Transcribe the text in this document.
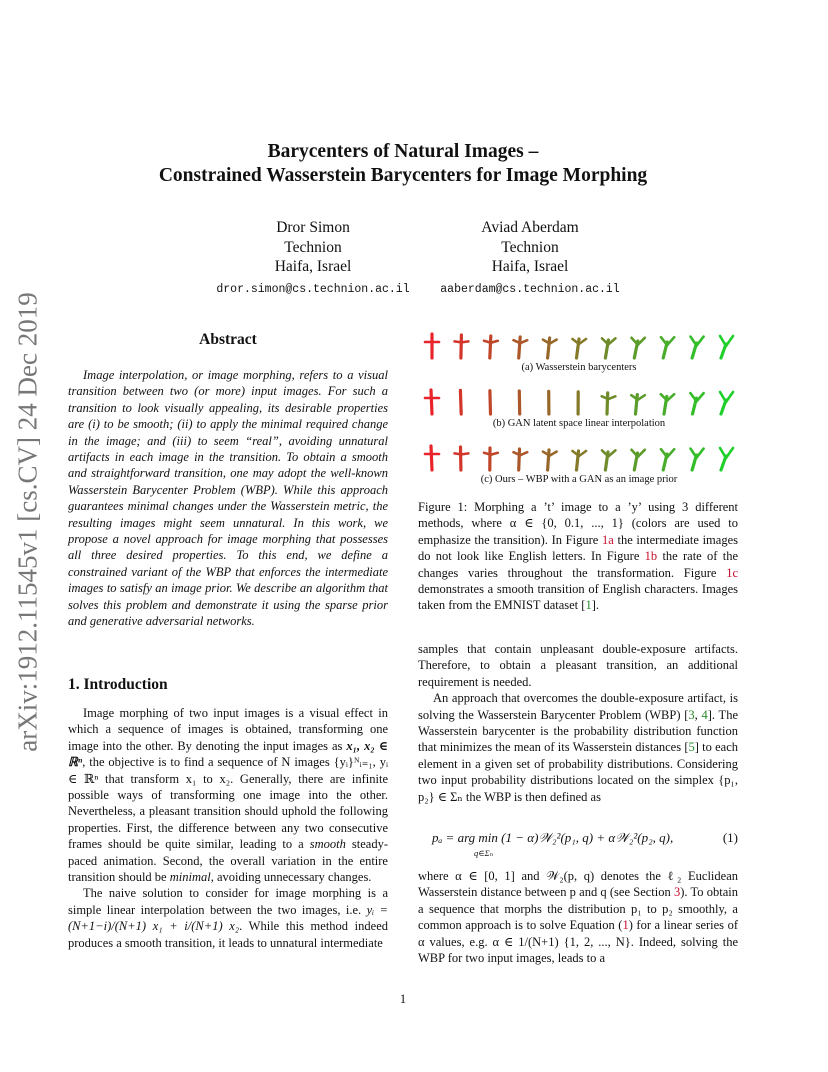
Barycenters of Natural Images –
Constrained Wasserstein Barycenters for Image Morphing
Dror Simon
Technion
Haifa, Israel
dror.simon@cs.technion.ac.il
Aviad Aberdam
Technion
Haifa, Israel
aaberdam@cs.technion.ac.il
arXiv:1912.11545v1 [cs.CV] 24 Dec 2019	Abstract

Image interpolation, or image morphing, refers to a visual transition between two (or more) input images. For such a transition to look visually appealing, its desirable properties are (i) to be smooth; (ii) to apply the minimal required change in the image; and (iii) to seem “real”, avoiding unnatural artifacts in each image in the transition. To obtain a smooth and straightforward transition, one may adopt the well-known Wasserstein Barycenter Problem (WBP). While this approach guarantees minimal changes under the Wasserstein metric, the resulting images might seem unnatural. In this work, we propose a novel approach for image morphing that possesses all three desired properties. To this end, we define a constrained variant of the WBP that enforces the intermediate images to satisfy an image prior. We describe an algorithm that solves this problem and demonstrate it using the sparse prior and generative adversarial networks.

(a) Wasserstein barycenters
(b) GAN latent space linear interpolation
(c) Ours – WBP with a GAN as an image prior

Figure 1: Morphing a ’t’ image to a ’y’ using 3 different methods, where α ∈ {0, 0.1, ..., 1} (colors are used to emphasize the transition). In Figure 1a the intermediate images do not look like English letters. In Figure 1b the rate of the changes varies throughout the transformation. Figure 1c demonstrates a smooth transition of English characters. Images taken from the EMNIST dataset [1].

1. Introduction

Image morphing of two input images is a visual effect in which a sequence of images is obtained, transforming one image into the other. By denoting the input images as x₁, x₂ ∈ ℝⁿ, the objective is to find a sequence of N images {yᵢ}ᴺᵢ₌₁, yᵢ ∈ ℝⁿ that transform x₁ to x₂. Generally, there are infinite possible ways of transforming one image into the other. Nevertheless, a pleasant transition should uphold the following properties. First, the difference between any two consecutive frames should be quite similar, leading to a smooth steady-paced animation. Second, the overall variation in the entire transition should be minimal, avoiding unnecessary changes.

The naive solution to consider for image morphing is a simple linear interpolation between the two images, i.e. yᵢ = (N+1−i)/(N+1) x₁ + i/(N+1) x₂. While this method indeed produces a smooth transition, it leads to unnatural intermediate

samples that contain unpleasant double-exposure artifacts. Therefore, to obtain a pleasant transition, an additional requirement is needed.

An approach that overcomes the double-exposure artifact, is solving the Wasserstein Barycenter Problem (WBP) [3, 4]. The Wasserstein barycenter is the probability distribution function that minimizes the mean of its Wasserstein distances [5] to each element in a given set of probability distributions. Considering two input probability distributions located on the simplex {p₁, p₂} ∈ Σₙ the WBP is then defined as

pₐ = arg min (1 − α)𝒲₂²(p₁, q) + α𝒲₂²(p₂, q),
q∈Σₙ
(1)

where α ∈ [0, 1] and 𝒲₂(p, q) denotes the ℓ₂ Euclidean Wasserstein distance between p and q (see Section 3). To obtain a sequence that morphs the distribution p₁ to p₂ smoothly, a common approach is to solve Equation (1) for a linear series of α values, e.g. α ∈ 1/(N+1) {1, 2, ..., N}. Indeed, solving the WBP for two input images, leads to a

1
